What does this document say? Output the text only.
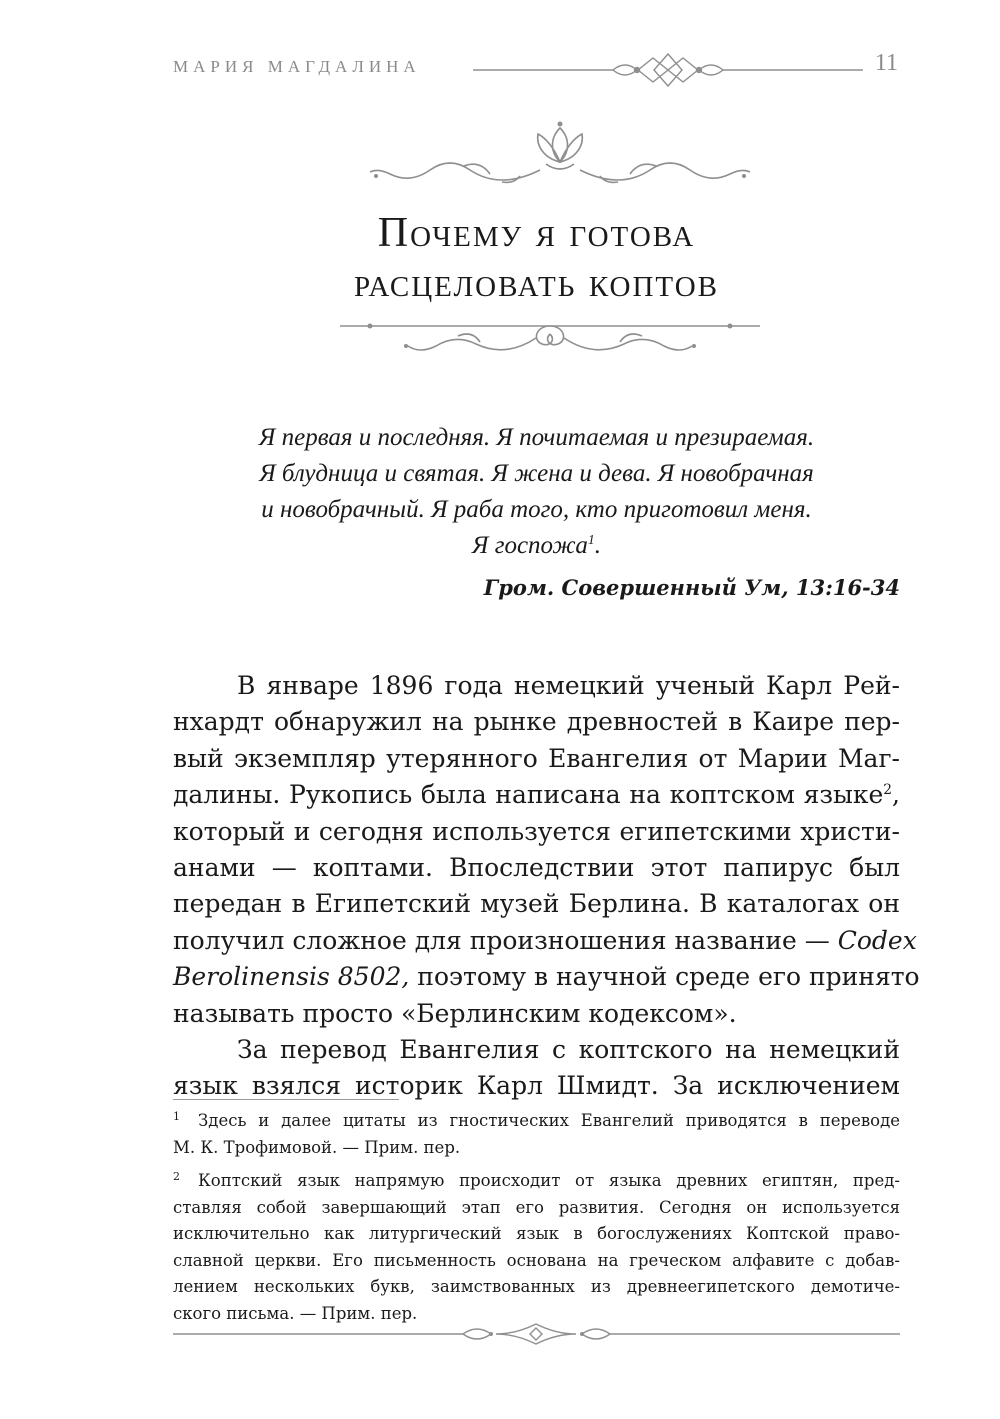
МАРИЯ МАГДАЛИНА	11
Почему я готова
расцеловать коптов
Я первая и последняя. Я почитаемая и презираемая.
Я блудница и святая. Я жена и дева. Я новобрачная
и новобрачный. Я раба того, кто приготовил меня.
Я госпожа$^1$.
Гром. Совершенный Ум, 13:16-34
В январе 1896 года немецкий ученый Карл Рей-
нхардт обнаружил на рынке древностей в Каире пер-
вый экземпляр утерянного Евангелия от Марии Маг-
далины. Рукопись была написана на коптском языке$^2$,
который и сегодня используется египетскими христи-
анами — коптами. Впоследствии этот папирус был
передан в Египетский музей Берлина. В каталогах он
получил сложное для произношения название — Codex
Berolinensis 8502, поэтому в научной среде его принято
называть просто «Берлинским кодексом».
За перевод Евангелия с коптского на немецкий
язык взялся историк Карл Шмидт. За исключением
1 Здесь и далее цитаты из гностических Евангелий приводятся в переводе
М. К. Трофимовой. — Прим. пер.
2 Коптский язык напрямую происходит от языка древних египтян, пред-
ставляя собой завершающий этап его развития. Сегодня он используется
исключительно как литургический язык в богослужениях Коптской право-
славной церкви. Его письменность основана на греческом алфавите с добав-
лением нескольких букв, заимствованных из древнеегипетского демотиче-
ского письма. — Прим. пер.
